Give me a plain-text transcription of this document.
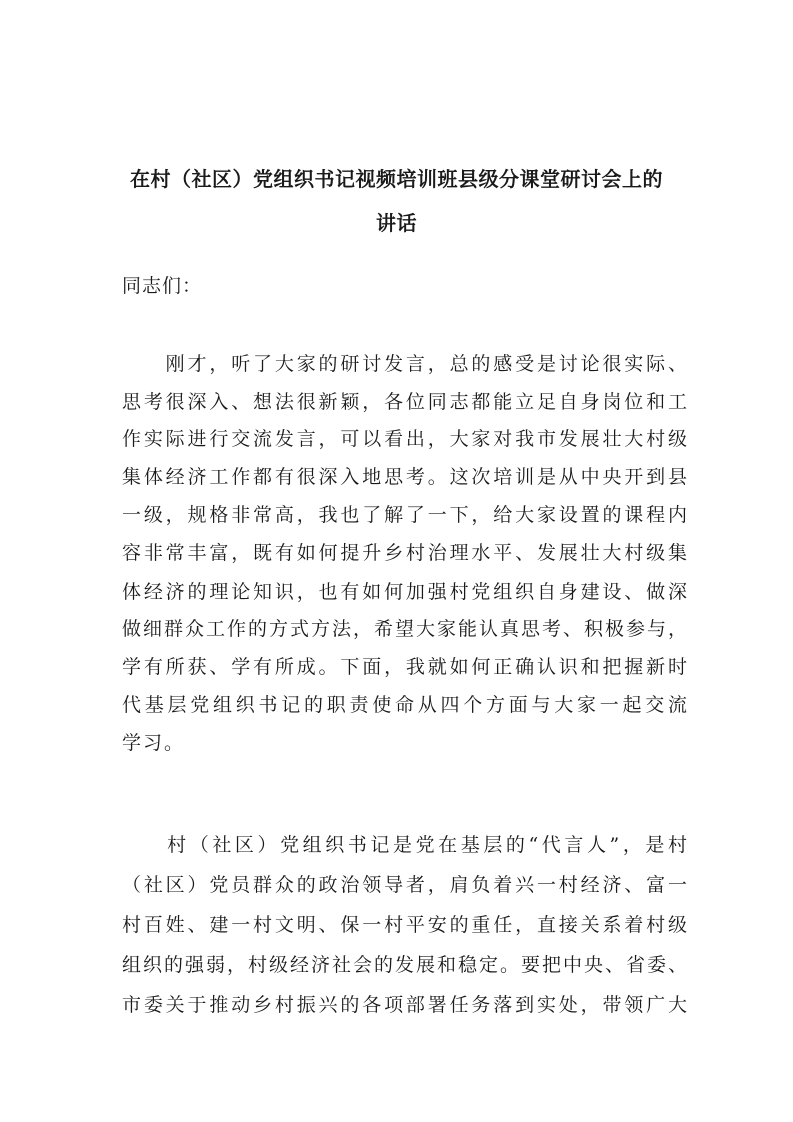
在村（社区）党组织书记视频培训班县级分课堂研讨会上的
讲话
同志们：
　　刚才，听了大家的研讨发言，总的感受是讨论很实际、
思考很深入、想法很新颖，各位同志都能立足自身岗位和工
作实际进行交流发言，可以看出，大家对我市发展壮大村级
集体经济工作都有很深入地思考。这次培训是从中央开到县
一级，规格非常高，我也了解了一下，给大家设置的课程内
容非常丰富，既有如何提升乡村治理水平、发展壮大村级集
体经济的理论知识，也有如何加强村党组织自身建设、做深
做细群众工作的方式方法，希望大家能认真思考、积极参与，
学有所获、学有所成。下面，我就如何正确认识和把握新时
代基层党组织书记的职责使命从四个方面与大家一起交流
学习。
　　村（社区）党组织书记是党在基层的“代言人”，是村
（社区）党员群众的政治领导者，肩负着兴一村经济、富一
村百姓、建一村文明、保一村平安的重任，直接关系着村级
组织的强弱，村级经济社会的发展和稳定。要把中央、省委、
市委关于推动乡村振兴的各项部署任务落到实处，带领广大
